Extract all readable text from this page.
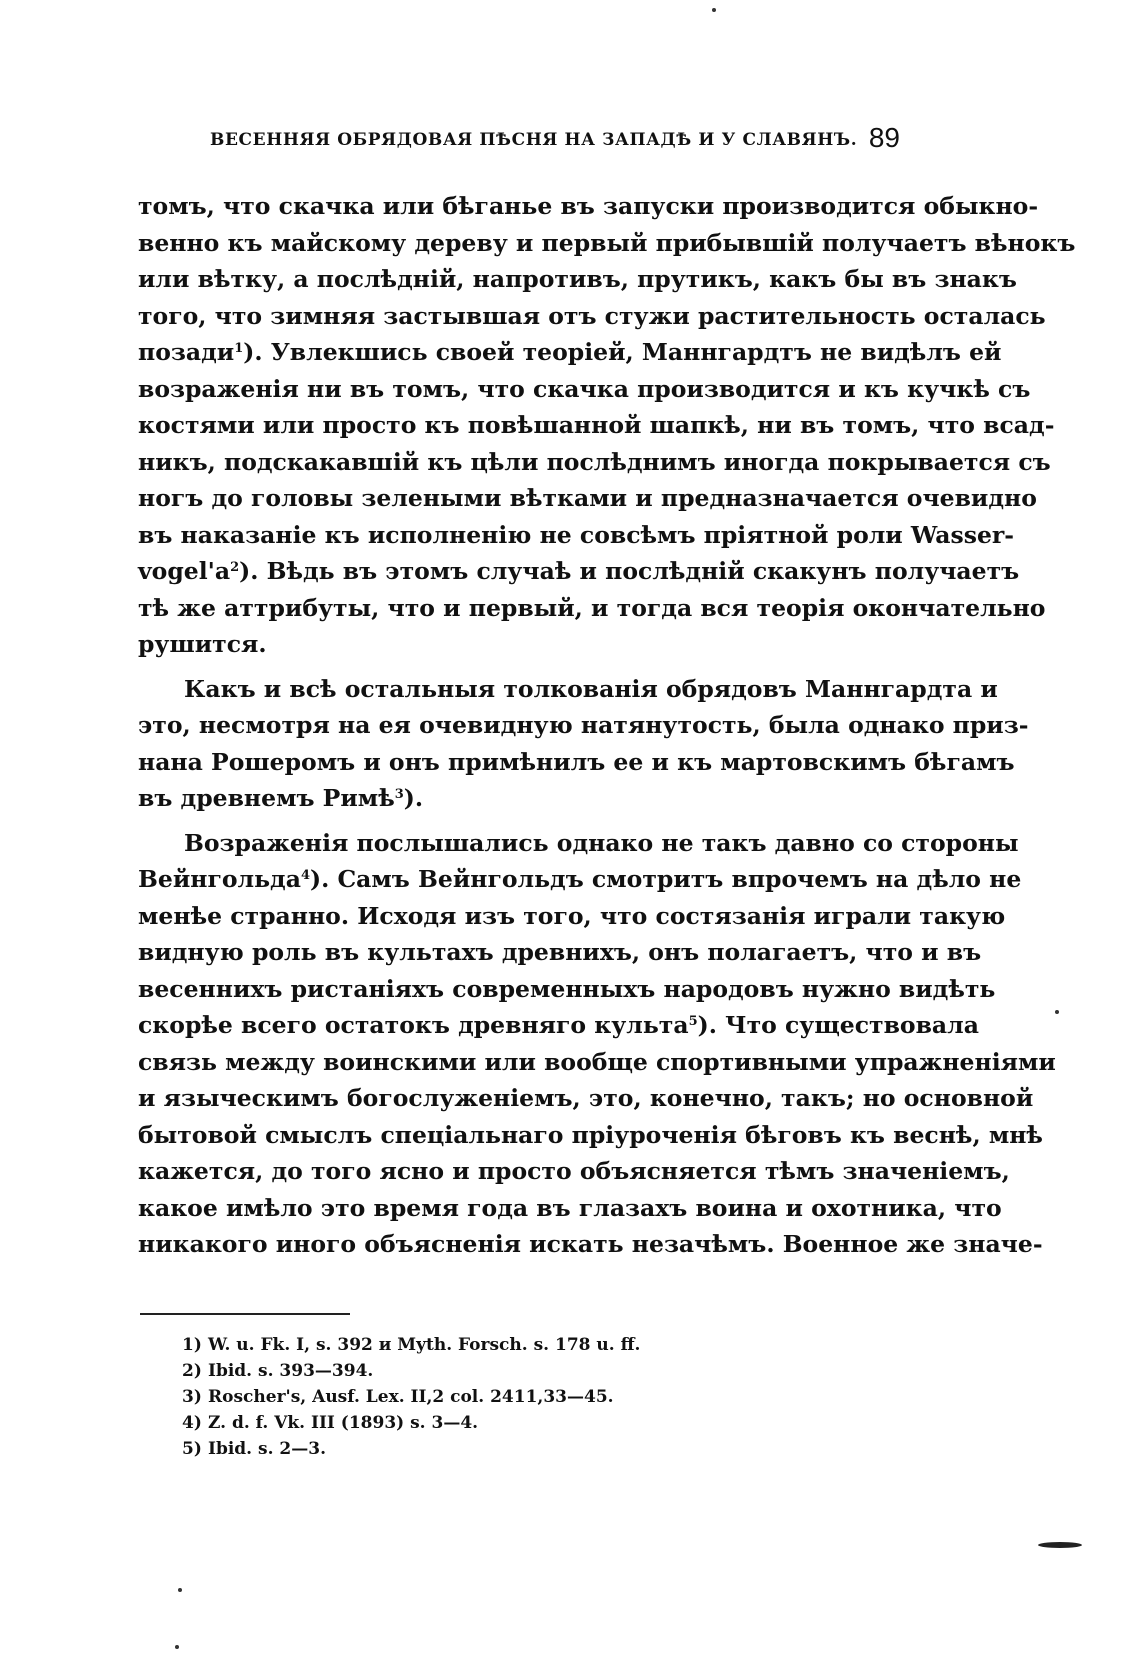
ВЕСЕННЯЯ ОБРЯДОВАЯ ПѢСНЯ НА ЗАПАДѢ И У СЛАВЯНЪ. 89
томъ, что скачка или бѣганье въ запуски производится обыкно-
венно къ майскому дереву и первый прибывшій получаетъ вѣнокъ
или вѣтку, а послѣдній, напротивъ, прутикъ, какъ бы въ знакъ
того, что зимняя застывшая отъ стужи растительность осталась
позади$^1$). Увлекшись своей теоріей, Маннгардтъ не видѣлъ ей
возраженія ни въ томъ, что скачка производится и къ кучкѣ съ
костями или просто къ повѣшанной шапкѣ, ни въ томъ, что всад-
никъ, подскакавшій къ цѣли послѣднимъ иногда покрывается съ
ногъ до головы зелеными вѣтками и предназначается очевидно
въ наказаніе къ исполненію не совсѣмъ пріятной роли Wasser-
$vogel'а^2$). Вѣдь въ этомъ случаѣ и послѣдній скакунъ получаетъ
тѣ же аттрибуты, что и первый, и тогда вся теорія окончательно
рушится.
Какъ и всѣ остальныя толкованія обрядовъ Маннгардта и
это, несмотря на ея очевидную натянутость, была однако приз-
нана Рошеромъ и онъ примѣнилъ ее и къ мартовскимъ бѣгамъ
въ древнемъ Римѣ$^3$).
Возраженія послышались однако не такъ давно со стороны
Вейнгольда$^4$). Самъ Вейнгольдъ смотритъ впрочемъ на дѣло не
менѣе странно. Исходя изъ того, что состязанія играли такую
видную роль въ культахъ древнихъ, онъ полагаетъ, что и въ
весеннихъ ристаніяхъ современныхъ народовъ нужно видѣть
скорѣе всего остатокъ древняго культа$^5$). Что существовала
связь между воинскими или вообще спортивными упражненіями
и языческимъ богослуженіемъ, это, конечно, такъ; но основной
бытовой смыслъ спеціальнаго пріуроченія бѣговъ къ веснѣ, мнѣ
кажется, до того ясно и просто объясняется тѣмъ значеніемъ,
какое имѣло это время года въ глазахъ воина и охотника, что
никакого иного объясненія искать незачѣмъ. Военное же значе-
1) W. u. Fk. I, s. 392 и Myth. Forsch. s. 178 u. ff.
2) Ibid. s. 393—394.
3) Roscher's, Ausf. Lex. II,2 col. 2411,33—45.
4) Z. d. f. Vk. III (1893) s. 3—4.
5) Ibid. s. 2—3.
